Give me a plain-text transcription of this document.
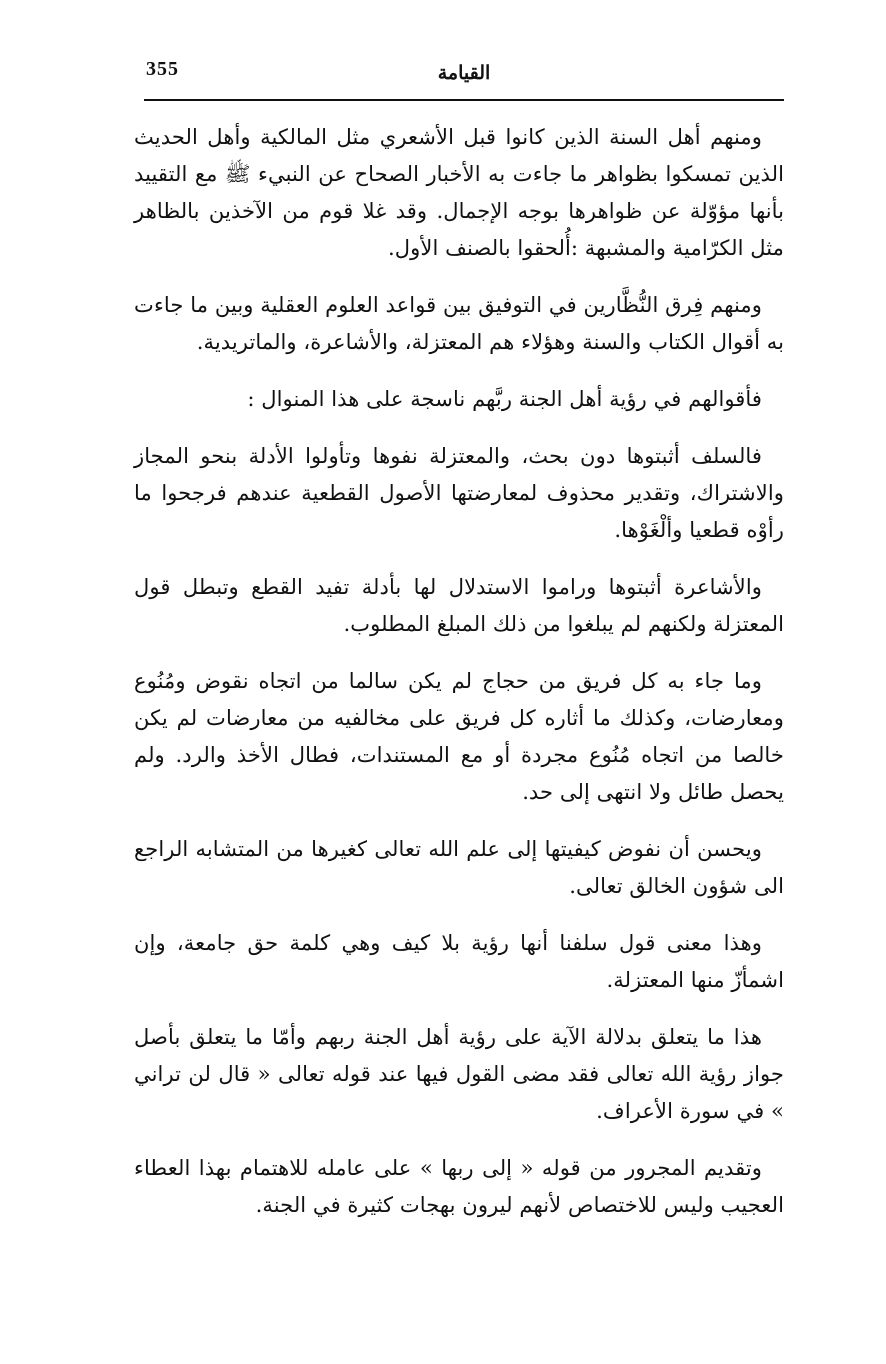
355	القيامة

ومنهم أهل السنة الذين كانوا قبل الأشعري مثل المالكية وأهل الحديث الذين تمسكوا بظواهر ما جاءت به الأخبار الصحاح عن النبيء ﷺ مع التقييد بأنها مؤوّلة عن ظواهرها بوجه الإجمال. وقد غلا قوم من الآخذين بالظاهر مثل الكرّامية والمشبهة :أُلحقوا بالصنف الأول.

ومنهم فِرق النُّظَّارين في التوفيق بين قواعد العلوم العقلية وبين ما جاءت به أقوال الكتاب والسنة وهؤلاء هم المعتزلة، والأشاعرة، والماتريدية.

فأقوالهم في رؤية أهل الجنة ربَّهم ناسجة على هذا المنوال :

فالسلف أثبتوها دون بحث، والمعتزلة نفوها وتأولوا الأدلة بنحو المجاز والاشتراك، وتقدير محذوف لمعارضتها الأصول القطعية عندهم فرجحوا ما رأوْه قطعيا وألْغَوْها.

والأشاعرة أثبتوها وراموا الاستدلال لها بأدلة تفيد القطع وتبطل قول المعتزلة ولكنهم لم يبلغوا من ذلك المبلغ المطلوب.

وما جاء به كل فريق من حجاج لم يكن سالما من اتجاه نقوض ومُنُوع ومعارضات، وكذلك ما أثاره كل فريق على مخالفيه من معارضات لم يكن خالصا من اتجاه مُنُوع مجردة أو مع المستندات، فطال الأخذ والرد. ولم يحصل طائل ولا انتهى إلى حد.

ويحسن أن نفوض كيفيتها إلى علم الله تعالى كغيرها من المتشابه الراجع الى شؤون الخالق تعالى.

وهذا معنى قول سلفنا أنها رؤية بلا كيف وهي كلمة حق جامعة، وإن اشمأزّ منها المعتزلة.

هذا ما يتعلق بدلالة الآية على رؤية أهل الجنة ربهم وأمّا ما يتعلق بأصل جواز رؤية الله تعالى فقد مضى القول فيها عند قوله تعالى « قال لن تراني » في سورة الأعراف.

وتقديم المجرور من قوله « إلى ربها » على عامله للاهتمام بهذا العطاء العجيب وليس للاختصاص لأنهم ليرون بهجات كثيرة في الجنة.
